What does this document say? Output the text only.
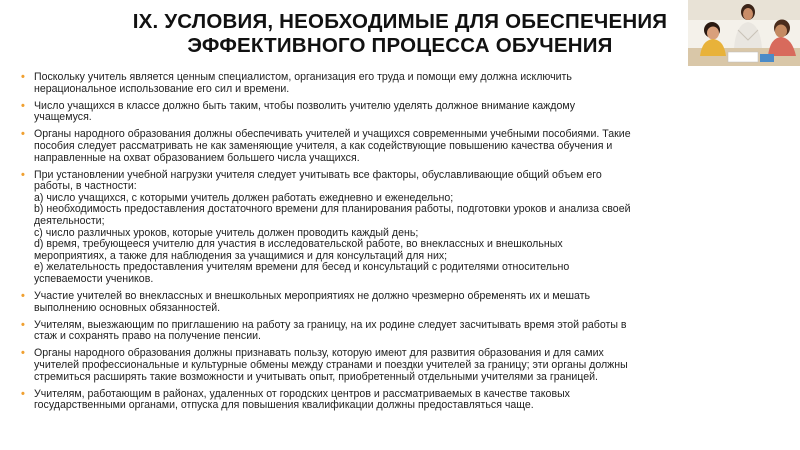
IX. УСЛОВИЯ, НЕОБХОДИМЫЕ ДЛЯ ОБЕСПЕЧЕНИЯ
ЭФФЕКТИВНОГО ПРОЦЕССА ОБУЧЕНИЯ
• Поскольку учитель является ценным специалистом, организация его труда и помощи ему должна исключить
нерациональное использование его сил и времени.
• Число учащихся в классе должно быть таким, чтобы позволить учителю уделять должное внимание каждому
учащемуся.
• Органы народного образования должны обеспечивать учителей и учащихся современными учебными пособиями. Такие
пособия следует рассматривать не как заменяющие учителя, а как содействующие повышению качества обучения и
направленные на охват образованием большего числа учащихся.
• При установлении учебной нагрузки учителя следует учитывать все факторы, обуславливающие общий объем его
работы, в частности:
a) число учащихся, с которыми учитель должен работать ежедневно и еженедельно;
b) необходимость предоставления достаточного времени для планирования работы, подготовки уроков и анализа своей
деятельности;
c) число различных уроков, которые учитель должен проводить каждый день;
d) время, требующееся учителю для участия в исследовательской работе, во внеклассных и внешкольных
мероприятиях, а также для наблюдения за учащимися и для консультаций для них;
e) желательность предоставления учителям времени для бесед и консультаций с родителями относительно
успеваемости учеников.
• Участие учителей во внеклассных и внешкольных мероприятиях не должно чрезмерно обременять их и мешать
выполнению основных обязанностей.
• Учителям, выезжающим по приглашению на работу за границу, на их родине следует засчитывать время этой работы в
стаж и сохранять право на получение пенсии.
• Органы народного образования должны признавать пользу, которую имеют для развития образования и для самих
учителей профессиональные и культурные обмены между странами и поездки учителей за границу; эти органы должны
стремиться расширять такие возможности и учитывать опыт, приобретенный отдельными учителями за границей.
• Учителям, работающим в районах, удаленных от городских центров и рассматриваемых в качестве таковых
государственными органами, отпуска для повышения квалификации должны предоставляться чаще.
